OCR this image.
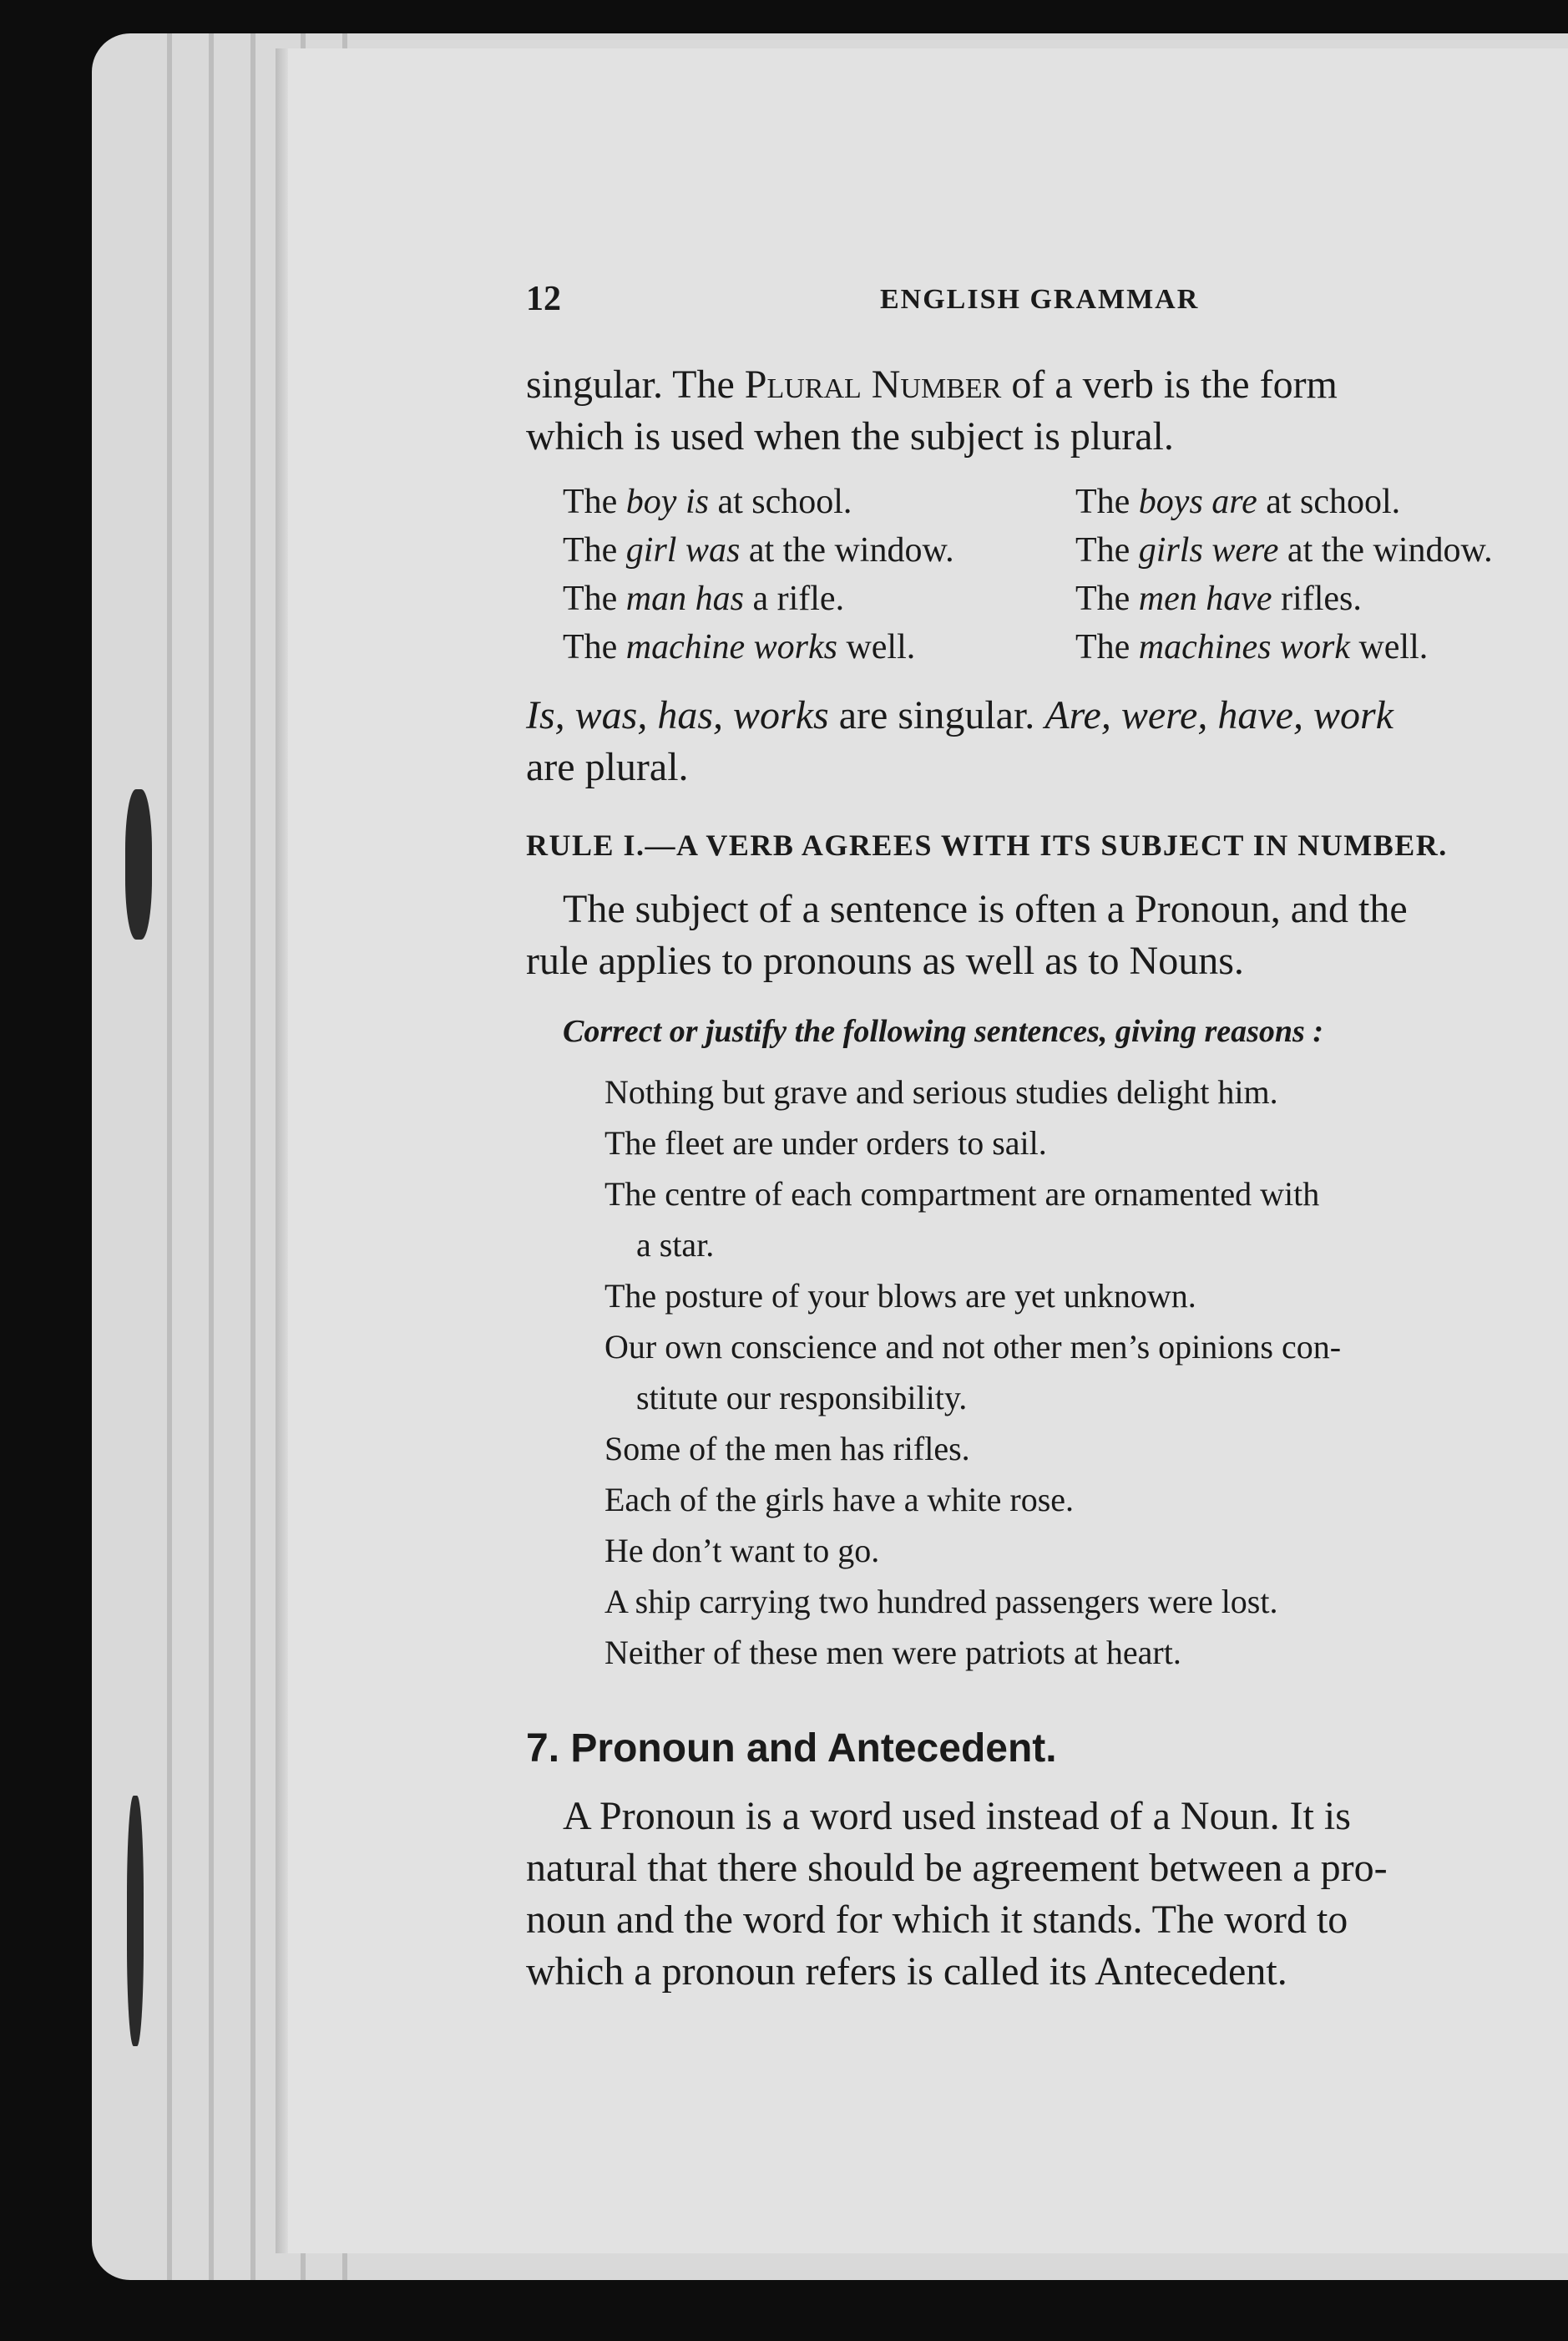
12	ENGLISH GRAMMAR
singular. The Plural Number of a verb is the form
which is used when the subject is plural.
The boy is at school.	The boys are at school.
The girl was at the window.	The girls were at the window.
The man has a rifle.	The men have rifles.
The machine works well.	The machines work well.
Is, was, has, works are singular. Are, were, have, work
are plural.
RULE I.—A VERB AGREES WITH ITS SUBJECT IN NUMBER.
The subject of a sentence is often a Pronoun, and the
rule applies to pronouns as well as to Nouns.
Correct or justify the following sentences, giving reasons :
Nothing but grave and serious studies delight him.
The fleet are under orders to sail.
The centre of each compartment are ornamented with
a star.
The posture of your blows are yet unknown.
Our own conscience and not other men’s opinions con-
stitute our responsibility.
Some of the men has rifles.
Each of the girls have a white rose.
He don’t want to go.
A ship carrying two hundred passengers were lost.
Neither of these men were patriots at heart.
7. Pronoun and Antecedent.
A Pronoun is a word used instead of a Noun. It is
natural that there should be agreement between a pro-
noun and the word for which it stands. The word to
which a pronoun refers is called its Antecedent.
